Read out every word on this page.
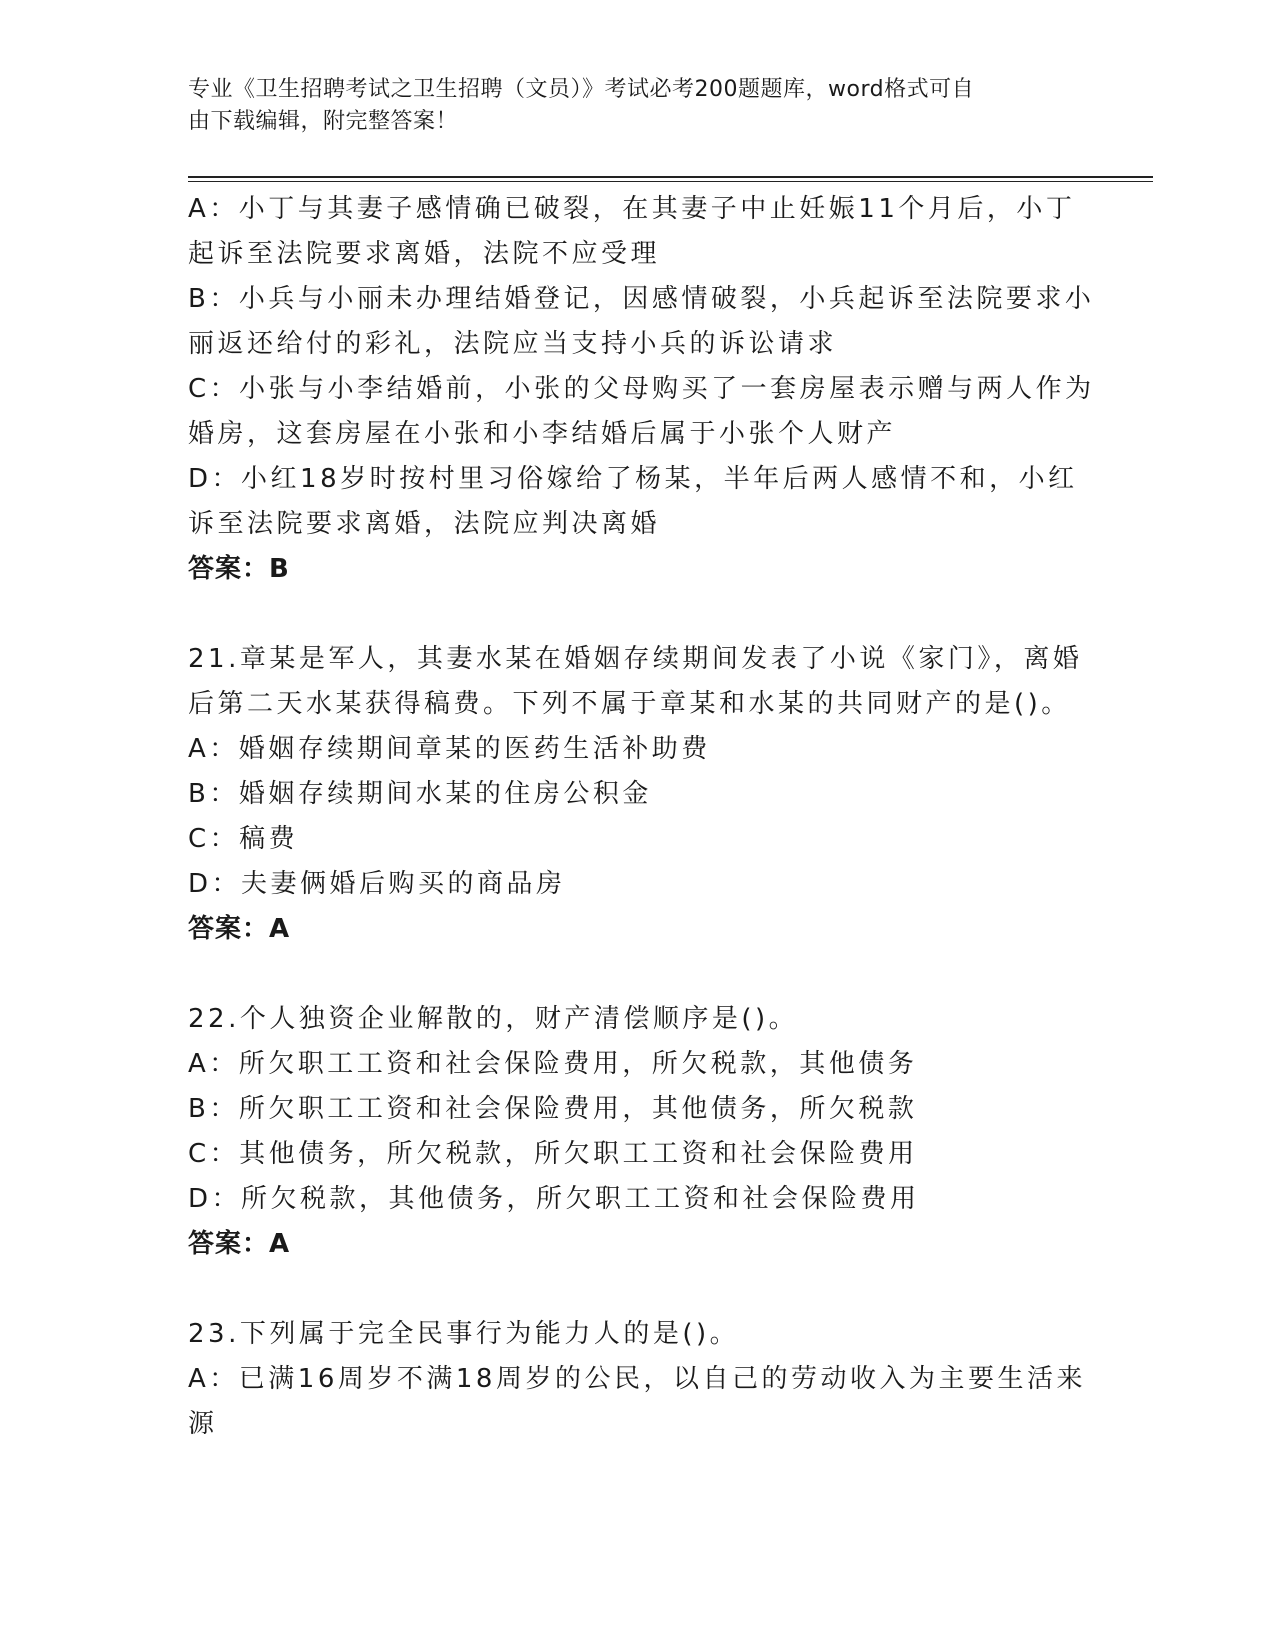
专业《卫生招聘考试之卫生招聘（文员）》考试必考200题题库，word格式可自
由下载编辑，附完整答案！
A：小丁与其妻子感情确已破裂，在其妻子中止妊娠11个月后，小丁
起诉至法院要求离婚，法院不应受理
B：小兵与小丽未办理结婚登记，因感情破裂，小兵起诉至法院要求小
丽返还给付的彩礼，法院应当支持小兵的诉讼请求
C：小张与小李结婚前，小张的父母购买了一套房屋表示赠与两人作为
婚房，这套房屋在小张和小李结婚后属于小张个人财产
D：小红18岁时按村里习俗嫁给了杨某，半年后两人感情不和，小红
诉至法院要求离婚，法院应判决离婚
答案：B
21.章某是军人，其妻水某在婚姻存续期间发表了小说《家门》，离婚
后第二天水某获得稿费。下列不属于章某和水某的共同财产的是()。
A：婚姻存续期间章某的医药生活补助费
B：婚姻存续期间水某的住房公积金
C：稿费
D：夫妻俩婚后购买的商品房
答案：A
22.个人独资企业解散的，财产清偿顺序是()。
A：所欠职工工资和社会保险费用，所欠税款，其他债务
B：所欠职工工资和社会保险费用，其他债务，所欠税款
C：其他债务，所欠税款，所欠职工工资和社会保险费用
D：所欠税款，其他债务，所欠职工工资和社会保险费用
答案：A
23.下列属于完全民事行为能力人的是()。
A：已满16周岁不满18周岁的公民，以自己的劳动收入为主要生活来
源
